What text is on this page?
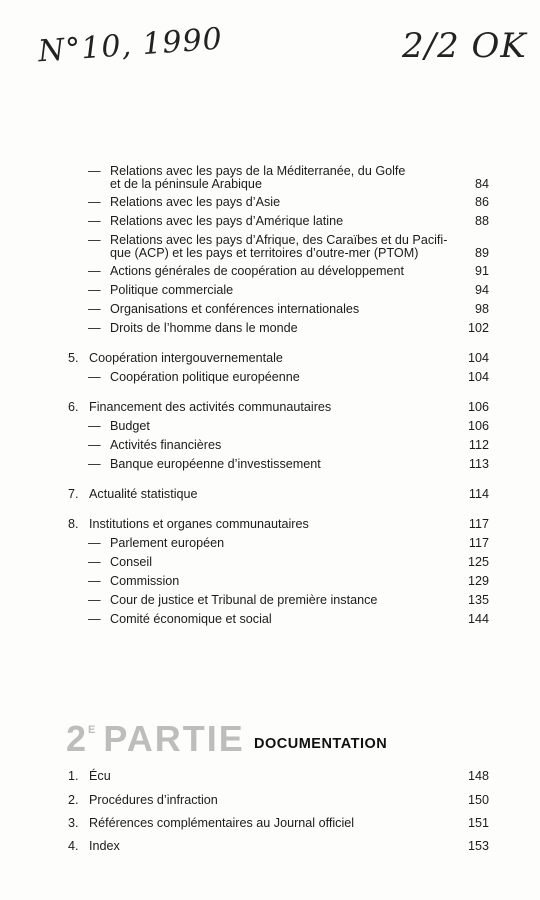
N°10, 1990	2/2 OK
— Relations avec les pays de la Méditerranée, du Golfe
et de la péninsule Arabique	84
— Relations avec les pays d’Asie	86
— Relations avec les pays d’Amérique latine	88
— Relations avec les pays d’Afrique, des Caraïbes et du Pacifi-
que (ACP) et les pays et territoires d’outre-mer (PTOM)	89
— Actions générales de coopération au développement	91
— Politique commerciale	94
— Organisations et conférences internationales	98
— Droits de l’homme dans le monde	102
5. Coopération intergouvernementale	104
— Coopération politique européenne	104
6. Financement des activités communautaires	106
— Budget	106
— Activités financières	112
— Banque européenne d’investissement	113
7. Actualité statistique	114
8. Institutions et organes communautaires	117
— Parlement européen	117
— Conseil	125
— Commission	129
— Cour de justice et Tribunal de première instance	135
— Comité économique et social	144
$2^E$ PARTIE DOCUMENTATION
1. Écu	148
2. Procédures d’infraction	150
3. Références complémentaires au Journal officiel	151
4. Index	153
